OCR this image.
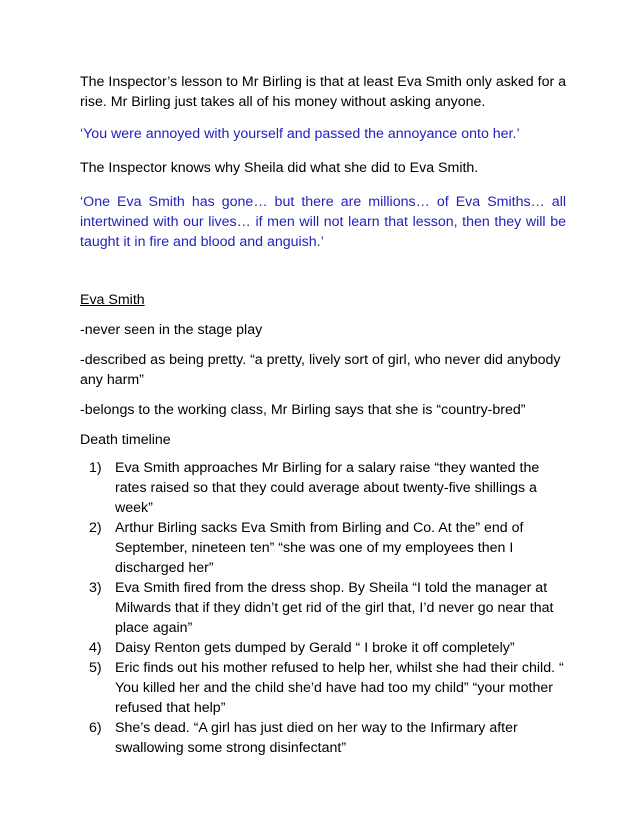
The Inspector’s lesson to Mr Birling is that at least Eva Smith only asked for a rise. Mr Birling just takes all of his money without asking anyone.

‘You were annoyed with yourself and passed the annoyance onto her.’

The Inspector knows why Sheila did what she did to Eva Smith.

‘One Eva Smith has gone… but there are millions… of Eva Smiths… all intertwined with our lives… if men will not learn that lesson, then they will be taught it in fire and blood and anguish.’

Eva Smith

-never seen in the stage play

-described as being pretty. “a pretty, lively sort of girl, who never did anybody any harm”

-belongs to the working class, Mr Birling says that she is “country-bred”

Death timeline

1) Eva Smith approaches Mr Birling for a salary raise “they wanted the rates raised so that they could average about twenty-five shillings a week”
2) Arthur Birling sacks Eva Smith from Birling and Co. At the” end of September, nineteen ten” “she was one of my employees then I discharged her”
3) Eva Smith fired from the dress shop. By Sheila “I told the manager at Milwards that if they didn’t get rid of the girl that, I’d never go near that place again”
4) Daisy Renton gets dumped by Gerald “ I broke it off completely”
5) Eric finds out his mother refused to help her, whilst she had their child. “ You killed her and the child she’d have had too my child” “your mother refused that help”
6) She’s dead. “A girl has just died on her way to the Infirmary after swallowing some strong disinfectant”
